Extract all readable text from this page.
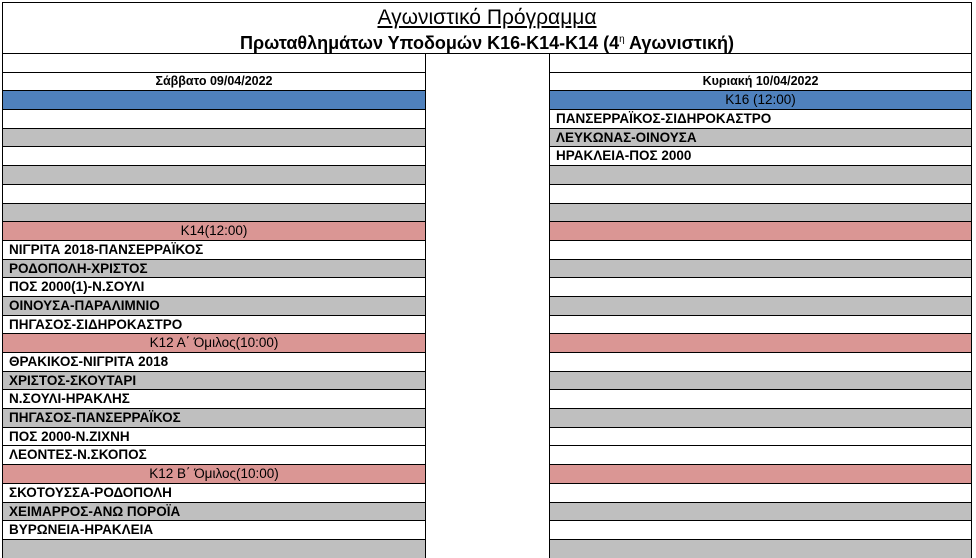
Αγωνιστικό Πρόγραμμα
Πρωταθλημάτων Υποδομών Κ16-Κ14-Κ14 ($4^\eta$ Αγωνιστική)
Σάββατο 09/04/2022
Κ14(12:00)
ΝΙΓΡΙΤΑ 2018-ΠΑΝΣΕΡΡΑΪΚΟΣ
ΡΟΔΟΠΟΛΗ-ΧΡΙΣΤΟΣ
ΠΟΣ 2000(1)-Ν.ΣΟΥΛΙ
ΟΙΝΟΥΣΑ-ΠΑΡΑΛΙΜΝΙΟ
ΠΗΓΑΣΟΣ-ΣΙΔΗΡΟΚΑΣΤΡΟ
Κ12 Α΄ Όμιλος(10:00)
ΘΡΑΚΙΚΟΣ-ΝΙΓΡΙΤΑ 2018
ΧΡΙΣΤΟΣ-ΣΚΟΥΤΑΡΙ
Ν.ΣΟΥΛΙ-ΗΡΑΚΛΗΣ
ΠΗΓΑΣΟΣ-ΠΑΝΣΕΡΡΑΪΚΟΣ
ΠΟΣ 2000-Ν.ΖΙΧΝΗ
ΛΕΟΝΤΕΣ-Ν.ΣΚΟΠΟΣ
Κ12 Β΄ Όμιλος(10:00)
ΣΚΟΤΟΥΣΣΑ-ΡΟΔΟΠΟΛΗ
ΧΕΙΜΑΡΡΟΣ-ΑΝΩ ΠΟΡΟΪΑ
ΒΥΡΩΝΕΙΑ-ΗΡΑΚΛΕΙΑ
Κυριακή 10/04/2022
Κ16 (12:00)
ΠΑΝΣΕΡΡΑΪΚΟΣ-ΣΙΔΗΡΟΚΑΣΤΡΟ
ΛΕΥΚΩΝΑΣ-ΟΙΝΟΥΣΑ
ΗΡΑΚΛΕΙΑ-ΠΟΣ 2000
